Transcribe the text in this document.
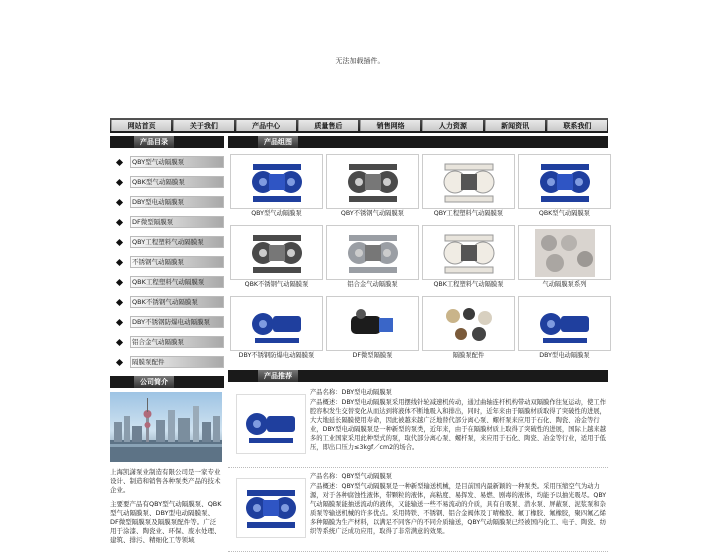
无法加载插件。
网站首页	关于我们	产品中心	质量售后	销售网络	人力资源	新闻资讯	联系我们
产品目录
QBY型气动隔膜泵
QBK型气动隔膜泵
DBY型电动隔膜泵
DF微型隔膜泵
QBY工程塑料气动隔膜泵
不锈钢气动隔膜泵
QBK工程塑料气动隔膜泵
QBK不锈钢气动隔膜泵
DBY不锈钢防爆电动隔膜泵
铝合金气动隔膜泵
隔膜泵配件
公司简介

上海凯潇泵业制造有限公司是一家专业设计、制造和销售各种泵类产品的技术企业。

主要要产品有QBY型气动隔膜泵、QBK型气动隔膜泵、DBY型电动隔膜泵、DF微型隔膜泵及隔膜泵配件等。广泛用于涂漆、陶瓷业、环保、废水处理、建筑、排污、精细化工等领域

产品组图
QBY型气动隔膜泵	QBY不锈钢气动隔膜泵	QBY工程塑料气动隔膜泵	QBK型气动隔膜泵
QBK不锈钢气动隔膜泵	铝合金气动隔膜泵	QBK工程塑料气动隔膜泵	气动隔膜泵系列
DBY不锈钢防爆电动隔膜泵	DF微型隔膜泵	隔膜泵配件	DBY型电动隔膜泵
产品推荐
产品名称：DBY型电动隔膜泵
产品概述：DBY型电动隔膜泵采用摆线针轮减速机传动，通过曲轴连杆机构带动双隔膜作往复运动，使工作腔容积发生交替变化从而达到将液体不断地吸入和排出，同时，近年来由于隔膜材质取得了突破性的进展，大大地延长隔膜使用寿命，因此被越来越广泛地替代部分离心泵、螺杆泵来应用于石化、陶瓷、冶金等行业，DBY型电动隔膜泵是一种新型的泵类，近年来，由于在隔膜材质上取得了突破性的进展，国际上越来越多的工业国家采用此种型式的泵，取代部分离心泵、螺杆泵，来应用于石化、陶瓷、冶金等行业，适用于低压，即出口压力≤3kgf／cm2的场合。
产品名称：QBY型气动隔膜泵
产品概述：QBY型气动隔膜泵是一种新型输送机械，是目前国内最新颖的一种泵类。采用压缩空气为动力源，对于各种腐蚀性液体，带颗粒的液体，高粘度、易挥发、易燃、剧毒的液体，均能予以抽光吸尽。QBY气动隔膜泵能抽送流动的液体，又能输送一些不易流动的介质，具有自吸泵、潜水泵、屏蔽泵、泥浆泵和杂质泵等输送机械的许多优点。采用铸铁、不锈钢、铝合金阀体及丁晴橡胶、氟丁橡胶、氟橡胶，聚四氟乙烯多种隔膜为生产材料，以满足不同客户的不同介质输送，QBY气动隔膜泵已经被国内化工、电子、陶瓷、纺织等系统广泛成功应用，取得了非常满意的效果。
